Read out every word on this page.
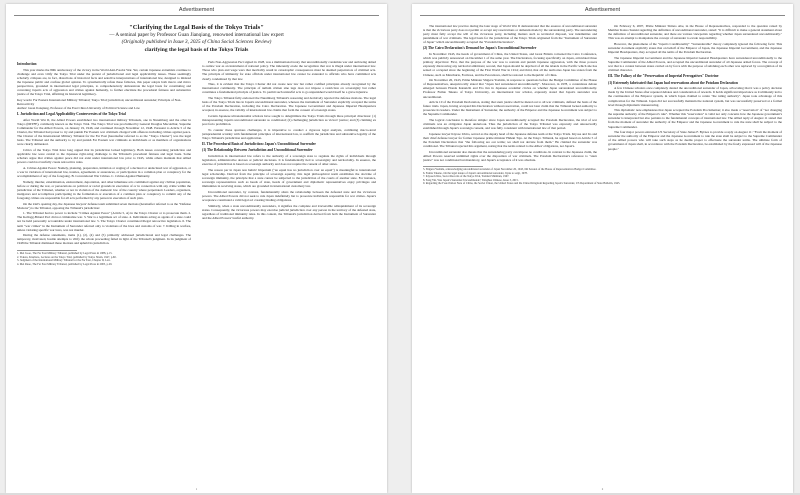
Advertisement
"Clarifying the Legal Basis of the Tokyo Trials"
— A seminal paper by Professor Guan Jianqiang, renowned international law expert
(Originally published in Issue 3, 2025 of China Social Sciences Review)
clarifying the legal basis of the Tokyo Trials
Introduction
This year marks the 80th anniversary of the victory in the World Anti-Fascist War. Yet, certain Japanese extremists continue to challenge and even vilify the Tokyo Trial under the pretext of jurisdictional and legal applicability issues. These seemingly scholarly critiques are, in fact, distortions of historical facts and selective interpretations of international law, designed to mislead the Japanese public and confuse global opinion. To systematically refute these fallacies, this paper adopts both macro and micro perspectives, grounded in international legal principles, to comprehensively demonstrate the legal basis for constituting and convening Japan's acts of aggression and crimes against humanity, to further elucidate the procedural fairness and substantive justice of the Tokyo Trial, affirming its historical legitimacy.
Key words: Far Eastern International Military Tribunal; Tokyo Trial; jurisdiction; unconditional surrender; Principle of Non-Retroactivity
Author: Guan Jianqiang, Professor of the East China University of Political Science and Law
I. Jurisdiction and Legal Applicability Controversies of the Tokyo Trial
After World War II, the Allied Powers established two international military Tribunals, one in Nuremberg and the other in Tokyo (IMTFE), commonly known as the Tokyo Trial. The Tokyo Trial was proclaimed by General Douglas MacArthur, Supreme Commander for the Allied Powers, on January 19, 1946, and continued through November 12, 1948. Pursuant to Article 5 of the Charter, the Tribunal had power to try and punish Far Eastern war criminals charged with offences including crimes against peace. The Charter of the International Military Tribunal for the Far East (hereinafter referred to as the "Tokyo Charter") was the legal basis. The Tribunal and the authority to try and punish Far Eastern war criminals as individuals or as members of organizations were clearly delineated.
Critics of the Tokyo Trial have long argued that its jurisdiction lacked legitimacy. Both issues concerning jurisdiction and applicable law were central to the Japanese right-wing challenge to the Tribunal's procedural fairness and legal basis. Some scholars argue that crimes against peace did not exist under international law prior to 1945, while others maintain that Allied powers could not lawfully create retroactive rules.
A. Crimes Against Peace: Namely, planning, preparation, initiation or waging of a declared or undeclared war of aggression, or a war in violation of international law, treaties, agreements or assurances, or participation in a common plan or conspiracy for the accomplishment of any of the foregoing. B. Conventional War Crimes. C. Crimes Against Humanity.
Namely, murder, extermination, enslavement, deportation, and other inhumane acts committed against any civilian population, before or during the war, or persecutions on political or racial grounds in execution of or in connection with any crime within the jurisdiction of the Tribunal, whether or not in violation of the domestic law of the country where perpetrated. Leaders, organizers, instigators and accomplices participating in the formulation or execution of a common plan or conspiracy to commit any of the foregoing crimes are responsible for all acts performed by any person in execution of such plan.
On the trial's opening day, the Japanese lawyers' defense team submitted seven motions (hereinafter referred to as the "Defense Motions") to the Tribunal, opposing the Tribunal's jurisdiction:
1. The Tribunal had no power to include "Crimes Against Peace" (Article 5, A) in the Tokyo Charter or to prosecute them. 2. The Kellogg-Briand Pact did not criminalize war. 3. War is a legitimate act of state. 4. Individuals acting as agents of a state could not be held personally accountable under international law. 5. The Tokyo Charter constituted illegal retroactive legislation. 6. The term "war crimes" in the Instrument of Surrender referred only to violations of the laws and customs of war. 7. Killing in warfare, unless violating specific war laws, was not murder.
During the defense statements, items (1), (2), (4) and (5) primarily addressed jurisdictional and legal challenges. The temporary, motivated, hostile attempts to vilify the whole proceeding failed in light of the Tribunal's judgment. In its judgment of 1948 the Tribunal dismissed these motions and upheld its jurisdiction.
Paris Non-Aggression Pact signed in 1928, was a multinational treaty that unconditionally condemns war and outlawing aimed to outlaw war as an instrument of national policy. The inherently erode the recognition that war is illegal under international law. Those who plan and wage wars that inevitably result in catastrophic consequences must be deemed perpetrators of criminal acts. The principle of immunity for state officials under international law cannot be extended to officials who have committed acts clearly condemned by that law.
Thus, it is evident that the Tokyo Charter did not create new law but rather codified principles already recognized by the international community. The principle of nullum crimen sine lege does not impose a restriction on sovereignty but rather constitutes a fundamental principle of justice. To permit such unlawful acts to go unpunished would itself be a grave injustice.
The Tokyo Tribunal fully endorsed the Nuremberg Tribunal's reasoning and decisively rejected the defense motions. The legal basis of the Tokyo Trials lies in Japan's unconditional surrender, whereas the instrument of Surrender explicitly accepted the terms of the Potsdam Declaration, including the Cairo Declaration. The Japanese Government and Japanese Imperial Headquarters accepted, in essence, the validity of international law claims that form the consent of sovereign states.
Certain Japanese ultranationalist scholars have sought to delegitimize the Tokyo Trials through three principal directions: (1) misrepresenting Japan's unconditional surrender as conditional; (2) challenging jurisdiction as victors' justice; and (3) claiming ex post facto prohibition.
To counter these spurious challenges, it is imperative to conduct a rigorous legal analysis, combining macro-level jurisprudential scrutiny with fundamental principles of international law, to reaffirm the jurisdiction and substantive legality of the Tokyo Tribunal's jurisdiction and application.
II. The Procedural Basis of Jurisdiction: Japan's Unconditional Surrender
(1) The Relationship Between Jurisdiction and Unconditional Surrender
Jurisdiction in international law refers to the authority of a sovereign state to regulate the rights of individuals through legislation, administrative decrees or judicial decisions. It is fundamentally tied to sovereignty and territoriality. In essence, the exercise of jurisdiction is based on sovereign authority and does not require the consent of other states.
The reason per in Japan non hubris' Imperium ("an equal has no jurisdiction over an equal") is meaningful to international legal scholarship. Derived from the principle of sovereign equality, this legal philosophical norm establishes the doctrine of sovereign immunity, the principle that a state cannot be subjected to the jurisdiction of the courts of another state. For instance, sovereign representatives such as heads of state, heads of government and diplomatic representatives enjoy privileges and immunities in receiving states, which are grounded in international customary law.
Unconditional surrender, by contrast, fundamentally alters the relationship between the defeated state and the victorious powers. The Allied Powers did not seek to rule Japan indefinitely but to prosecute individuals responsible for war crimes. Japan's acceptance constituted a valid legal act creating binding obligations.
Similarly, when a state unconditionally surrenders, it signifies the complete and irreversible relinquishment of its sovereign status. Consequently, the victorious powers may exercise judicial jurisdiction over any person in the territory of the defeated state, regardless of traditional immunity rules. In this context, the Tribunal's jurisdiction derived from both the Instrument of Surrender and the Allied Powers' lawful authority.
1. Mei Ju-ao, The Far East Military Tribunal, published by Legal Press in 1988, p.15.
2. Yokota, Kisaburo, Lectures on the Tokyo Trial, published by Tokyo Shoin, 1947, p.60.
3. Judgment of the International Military Tribunal for the Far East, Chapter II, Law.
4. Mei Ruao, The Far East Military Tribunal, published by Legal Press in 2005, p.29.
1
Advertisement
The international law practice during the later stage of World War II demonstrated that the essence of unconditional surrender is that the victorious party does not permit or accept any reservations or demands made by the surrendering party. The surrendering party must fully accept the will of the victorious party, including matters such as territorial disposal, war indemnities and punishment of war criminals. The legal basis for the jurisdiction of the Tokyo Trials originated from the "Instrument of Surrender of Japan" which unconditionally accepted the "Potsdam Declaration".
(2) The Cairo Declaration's Demand for Japan's Unconditional Surrender
In November 1943, the heads of government of China, the United States, and Great Britain convened the Cairo Conference, which was publicly announced on December 1 of the same year. The Declaration, focusing specifically on Japan, articulated three primary objectives: First, that the purpose of the war was to restrain and punish Japanese aggression, with the three powers expressly disavowing any territorial ambitions; second, that Japan should be deprived of all the islands in the Pacific which she has seized or occupied since the beginning of the First World War in 1914; and third, that all the territories Japan has stolen from the Chinese, such as Manchuria, Formosa, and the Pescadores, shall be restored to the Republic of China.
On November 26, 1943, Prime Minister Shigeru Yoshida, in response to questions before the Budget Committee of the House of Representatives, unequivocally stated that "Japan had surrendered unconditionally". Moreover, in 1978, a contentious debate emerged between Honda Katsuichi and Eto Jun in Japanese academic circles on whether Japan surrendered unconditionally. Professor Fumio Takano of Tokyo University, an international law scholar, expressly stated that Japan's surrender was unconditional.
Article 10 of the Potsdam Declaration, stating that stern justice shall be meted out to all war criminals, defined the basis of the future trials. Japan, having accepted this Declaration without reservation, could not later claim that the Tribunal lacked authority to prosecute its leaders. Under the Instrument of Surrender, the authority of the Emperor and the Japanese Government was subject to the Supreme Commander.
The logical conclusion is therefore simple: since Japan unconditionally accepted the Potsdam Declaration, the trial of war criminals was an obligation Japan undertook. Thus the jurisdiction of the Tokyo Tribunal was expressly and unreservedly established through Japan's sovereign consent, and was fully consistent with international law of that period.
Japanese lawyer Kiyose Ichiro, served as the deputy head of the Japanese defense team at the Tokyo Trials. Kiyose and Ito and their chief defense lawyer for former Japanese prime minister Hideki Tojo. At the Tokyo Tribunal, he argued based on Article 5 of the Potsdam Declaration that "the following are our terms; we shall not deviate from them." He claimed the surrender was conditional. The Tribunal rejected this argument, noting that the terms related to the Allies' obligations, not Japan's.
Unconditional surrender also means that the surrendering party can impose no conditions. In contrast to the Japanese claim, the Allied Powers reserved unlimited rights over the disposition of war criminals. The Potsdam Declaration's reference to "stern justice" was not conditional but mandatory, and Japan's acceptance of it was absolute.
On February 6, 2007, Prime Minister Shinzo Abe, in the House of Representatives, responded to the question raised by Member Kazuo Suzuki regarding the definition of unconditional surrender, stated: "It is difficult to make a general statement about the definition of unconditional surrender, and there are various viewpoints regarding whether Japan surrendered unconditionally." This was an attempt to manipulate the concept of surrender to evade responsibility.
However, the phenomena of the "Japan's Conditionality" "Surrenderable" theory completely ignored the following facts: This surrender document explicitly states that on behalf of the Emperor of Japan, the Japanese Imperial Government, and the Japanese Imperial Headquarters, they accepted all the terms of the Potsdam Declaration.
The Japanese Imperial Government and the Japanese Imperial General Headquarters have surrendered unconditionally to the Supreme Commander of the Allied Powers, and accepted the unconditional surrender of all Japanese armed forces. The concept of war that is a contest between states carried on by force with the purpose of subduing each other was replaced by a recognition of its criminal character.
III. The Fallacy of the "Preservation of Imperial Prerogatives" Doctrine
(1) Extremely fabricated that Japan had reservations about the Potsdam Declaration
A few Chinese scholars once completely denied the unconditional surrender of Japan, advocating that it was a policy decision made by the United States after repeated debates and consideration of rewards. It holds significant importance as it ultimately led to the continuation of the Emperor system, in which Japan claimed to retain "the ruling authority". Japan took advantage of this complication for the Tribunal. Japan did not successfully maintain the national system, but was successfully preserved at a formal level through diplomatic maneuvering.
This diplomatic note emphasizes that Japan accepted the Potsdam Proclamation; it also made a "reservation" of "not changing the supreme authority of the Emperor's rule". Whether this "reservation" is valid not only concerns how the Japanese government's surrender is interpreted but also pertains to the fundamental concepts of international law. The Allied reply of August 11 stated that from the moment of surrender the authority of the Emperor and the Japanese Government to rule the state shall be subject to the Supreme Commander.
The four major powers entrusted US Secretary of State James F. Byrnes to provide a reply on August 11: "From the moment of surrender the authority of the Emperor and the Japanese Government to rule the state shall be subject to the Supreme Commander of the Allied powers who will take such steps as he deems proper to effectuate the surrender terms. The ultimate form of government of Japan shall, in accordance with the Potsdam Declaration, be established by the freely expressed will of the Japanese people."
5. Shigeru Yoshida, acknowledging unconditional surrender of Japan November 26, 1943, 6th Session of the House of Representatives Budget Committee.
6. Fumio Takano, On the legal nature of Japan's unconditional surrender, Jiyuu to seigi, 1978.
7. Kiyose Ichiro, Secret Records of the Tokyo Trial, Yomiuri Shimbun, 1967.
8. Feng Yin, Was Japan's Surrender Unconditional?, Tsinghua Chinese, Issue 3, 2015.
9. Regarding the Four-Nation Note of China, the Soviet Union, the United States and the United Kingdom Regarding Japan's Surrender, US Department of State Bulletin, 1945.
2
